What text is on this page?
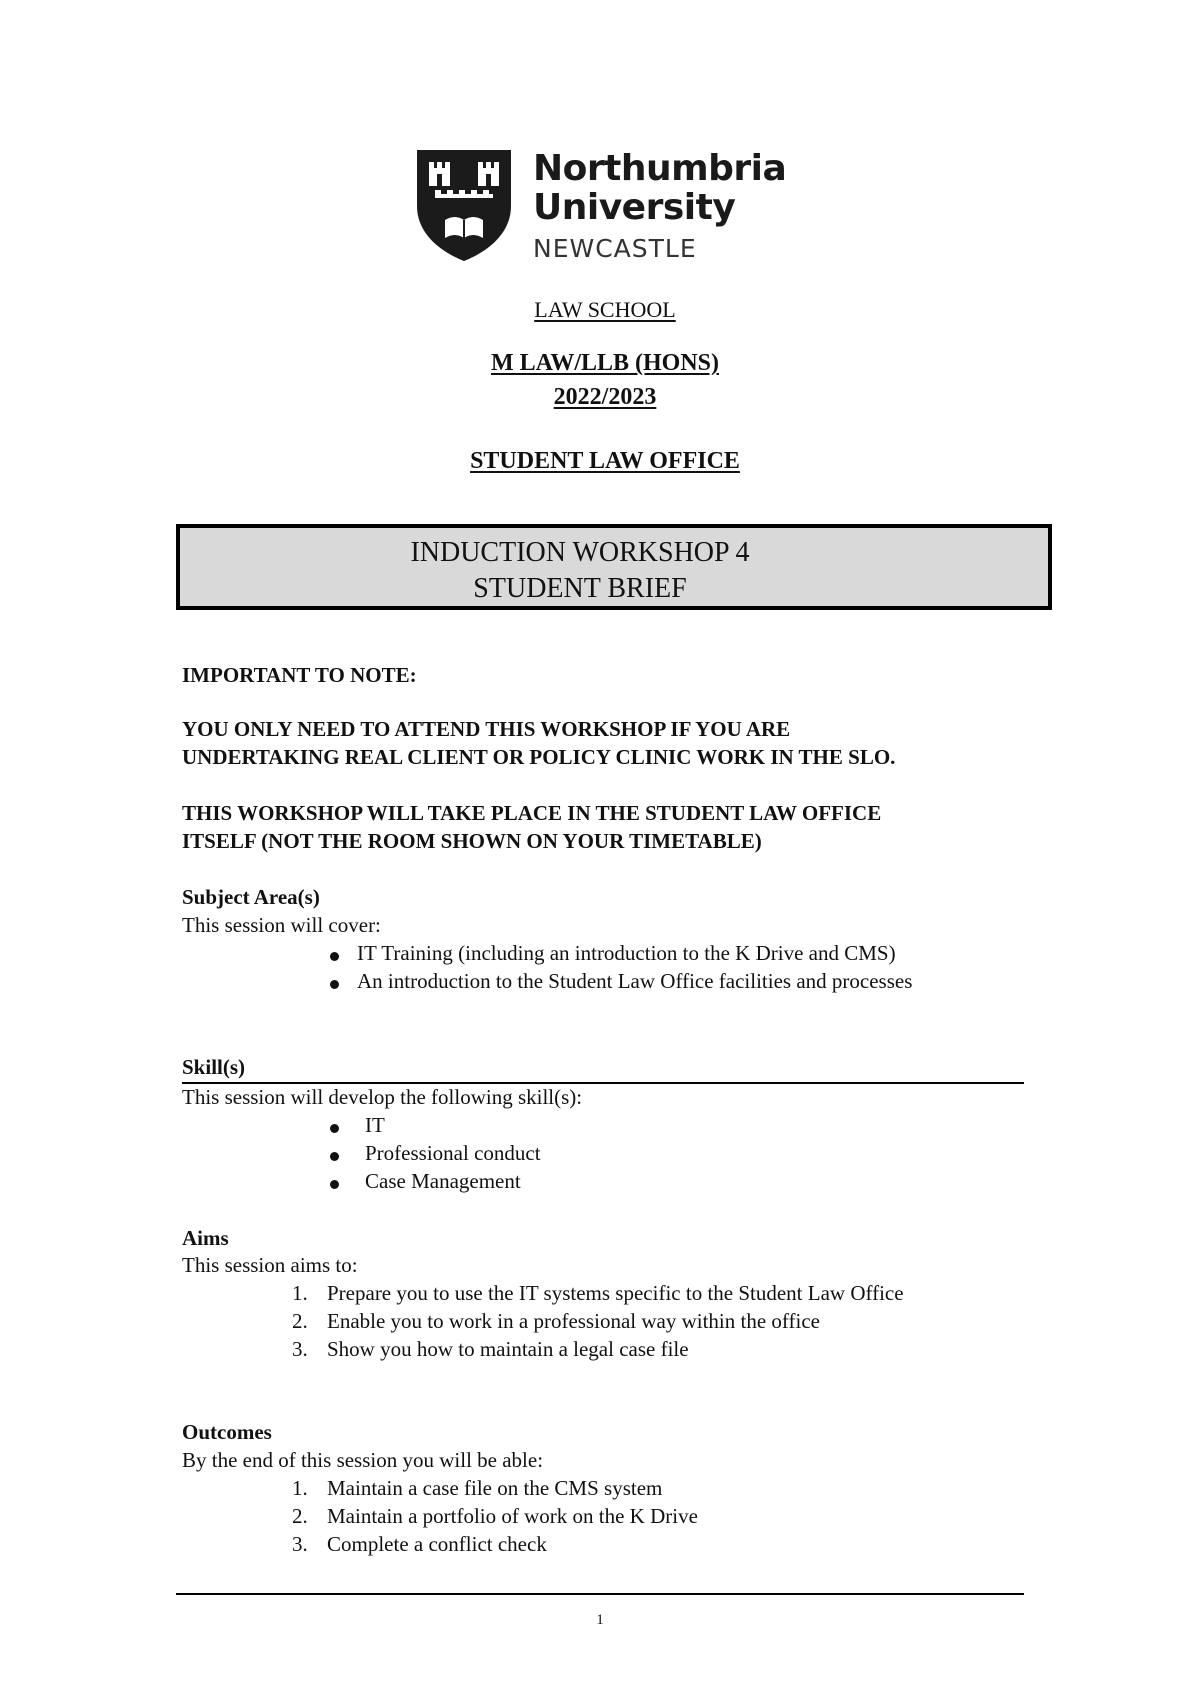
Northumbria
University
NEWCASTLE
LAW SCHOOL
M LAW/LLB (HONS)
2022/2023
STUDENT LAW OFFICE
INDUCTION WORKSHOP 4
STUDENT BRIEF
IMPORTANT TO NOTE:
YOU ONLY NEED TO ATTEND THIS WORKSHOP IF YOU ARE
UNDERTAKING REAL CLIENT OR POLICY CLINIC WORK IN THE SLO.
THIS WORKSHOP WILL TAKE PLACE IN THE STUDENT LAW OFFICE
ITSELF (NOT THE ROOM SHOWN ON YOUR TIMETABLE)
Subject Area(s)
This session will cover:
IT Training (including an introduction to the K Drive and CMS)
An introduction to the Student Law Office facilities and processes
Skill(s)
This session will develop the following skill(s):
IT
Professional conduct
Case Management
Aims
This session aims to:
1. Prepare you to use the IT systems specific to the Student Law Office
2. Enable you to work in a professional way within the office
3. Show you how to maintain a legal case file
Outcomes
By the end of this session you will be able:
1. Maintain a case file on the CMS system
2. Maintain a portfolio of work on the K Drive
3. Complete a conflict check
1
